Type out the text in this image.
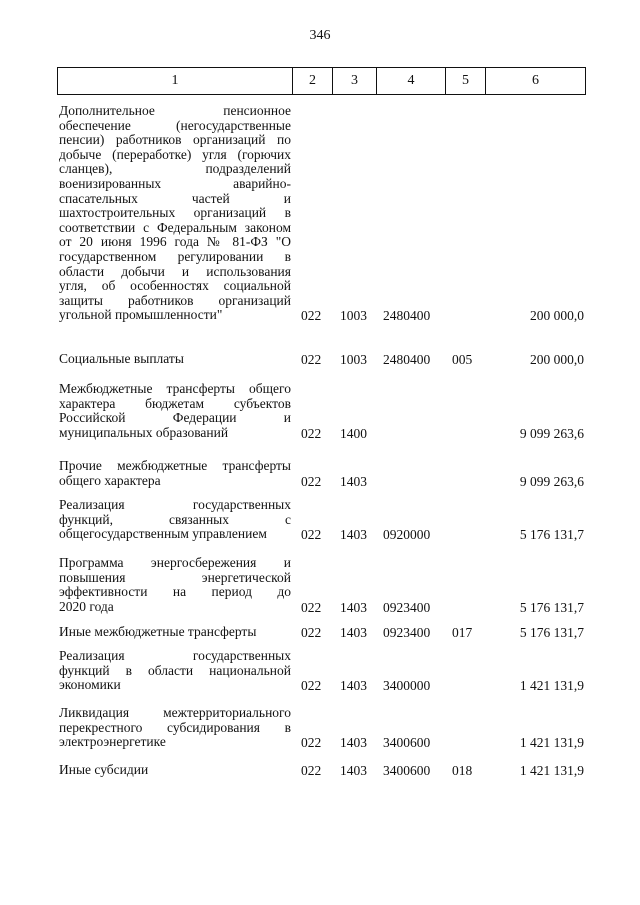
346
1	2	3	4	5	6
Дополнительное пенсионное
обеспечение (негосударственные
пенсии) работников организаций по
добыче (переработке) угля (горючих
сланцев), подразделений
военизированных аварийно-
спасательных частей и
шахтостроительных организаций в
соответствии с Федеральным законом
от 20 июня 1996 года № 81-ФЗ "О
государственном регулировании в
области добычи и использования
угля, об особенностях социальной
защиты работников организаций
угольной промышленности"	022 1003 2480400	200 000,0
Социальные выплаты	022 1003 2480400 005	200 000,0
Межбюджетные трансферты общего
характера бюджетам субъектов
Российской Федерации и
муниципальных образований	022 1400	9 099 263,6
Прочие межбюджетные трансферты
общего характера	022 1403	9 099 263,6
Реализация государственных
функций, связанных с
общегосударственным управлением	022 1403 0920000	5 176 131,7
Программа энергосбережения и
повышения энергетической
эффективности на период до
2020 года	022 1403 0923400	5 176 131,7
Иные межбюджетные трансферты	022 1403 0923400 017	5 176 131,7
Реализация государственных
функций в области национальной
экономики	022 1403 3400000	1 421 131,9
Ликвидация межтерриториального
перекрестного субсидирования в
электроэнергетике	022 1403 3400600	1 421 131,9
Иные субсидии	022 1403 3400600 018	1 421 131,9
